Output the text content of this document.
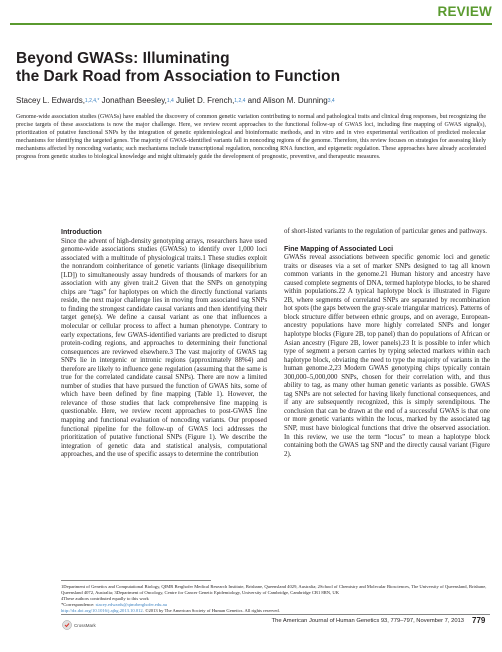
REVIEW
Beyond GWASs: Illuminating
the Dark Road from Association to Function
Stacey L. Edwards,$^{1,2,4,*}$ Jonathan Beesley,$^{1,4}$ Juliet D. French,$^{1,2,4}$ and Alison M. Dunning$^{3,4}$

Genome-wide association studies (GWASs) have enabled the discovery of common genetic variation contributing to normal and pathological traits and clinical drug responses, but recognizing the precise targets of these associations is now the major challenge. Here, we review recent approaches to the functional follow-up of GWAS loci, including fine mapping of GWAS signal(s), prioritization of putative functional SNPs by the integration of genetic epidemiological and bioinformatic methods, and in vitro and in vivo experimental verification of predicted molecular mechanisms for identifying the targeted genes. The majority of GWAS-identified variants fall in noncoding regions of the genome. Therefore, this review focuses on strategies for assessing likely mechanisms affected by noncoding variants; such mechanisms include transcriptional regulation, noncoding RNA function, and epigenetic regulation. These approaches have already accelerated progress from genetic studies to biological knowledge and might ultimately guide the development of prognostic, preventive, and therapeutic measures.

Introduction

Since the advent of high-density genotyping arrays, researchers have used genome-wide associations studies (GWASs) to identify over 1,000 loci associated with a multitude of physiological traits.1 These studies exploit the nonrandom coinheritance of genetic variants (linkage disequilibrium [LD]) to simultaneously assay hundreds of thousands of markers for an association with any given trait.2 Given that the SNPs on genotyping chips are “tags” for haplotypes on which the directly functional variants reside, the next major challenge lies in moving from associated tag SNPs to finding the strongest candidate causal variants and then identifying their target gene(s). We define a causal variant as one that influences a molecular or cellular process to affect a human phenotype. Contrary to early expectations, few GWAS-identified variants are predicted to disrupt protein-coding regions, and approaches to determining their functional consequences are reviewed elsewhere.3 The vast majority of GWAS tag SNPs lie in intergenic or intronic regions (approximately 88%4) and therefore are likely to influence gene regulation (assuming that the same is true for the correlated candidate causal SNPs). There are now a limited number of studies that have pursued the function of GWAS hits, some of which have been defined by fine mapping (Table 1). However, the relevance of those studies that lack comprehensive fine mapping is questionable. Here, we review recent approaches to post-GWAS fine mapping and functional evaluation of noncoding variants. Our proposed functional pipeline for the follow-up of GWAS loci addresses the prioritization of putative functional SNPs (Figure 1). We describe the integration of genetic data and statistical analysis, computational approaches, and the use of specific assays to determine the contribution

of short-listed variants to the regulation of particular genes and pathways.

Fine Mapping of Associated Loci

GWASs reveal associations between specific genomic loci and genetic traits or diseases via a set of marker SNPs designed to tag all known common variants in the genome.21 Human history and ancestry have caused complete segments of DNA, termed haplotype blocks, to be shared within populations.22 A typical haplotype block is illustrated in Figure 2B, where segments of correlated SNPs are separated by recombination hot spots (the gaps between the gray-scale triangular matrices). Patterns of block structure differ between ethnic groups, and on average, European-ancestry populations have more highly correlated SNPs and longer haplotype blocks (Figure 2B, top panel) than do populations of African or Asian ancestry (Figure 2B, lower panels).23 It is possible to infer which type of segment a person carries by typing selected markers within each haplotype block, obviating the need to type the majority of variants in the human genome.2,23 Modern GWAS genotyping chips typically contain 300,000–5,000,000 SNPs, chosen for their correlation with, and thus ability to tag, as many other human genetic variants as possible. GWAS tag SNPs are not selected for having likely functional consequences, and if any are subsequently recognized, this is simply serendipitous. The conclusion that can be drawn at the end of a successful GWAS is that one or more genetic variants within the locus, marked by the associated tag SNP, must have biological functions that drive the observed association. In this review, we use the term “locus” to mean a haplotype block containing both the GWAS tag SNP and the directly causal variant (Figure 2).

1Department of Genetics and Computational Biology, QIMR Berghofer Medical Research Institute, Brisbane, Queensland 4029, Australia; 2School of Chemistry and Molecular Biosciences, The University of Queensland, Brisbane, Queensland 4072, Australia; 3Department of Oncology, Centre for Cancer Genetic Epidemiology, University of Cambridge, Cambridge CB1 8RN, UK
4These authors contributed equally to this work
*Correspondence: stacey.edwards@qimrberghofer.edu.au
http://dx.doi.org/10.1016/j.ajhg.2013.10.012. ©2013 by The American Society of Human Genetics. All rights reserved.
CrossMark
The American Journal of Human Genetics 93, 779–797, November 7, 2013 779
